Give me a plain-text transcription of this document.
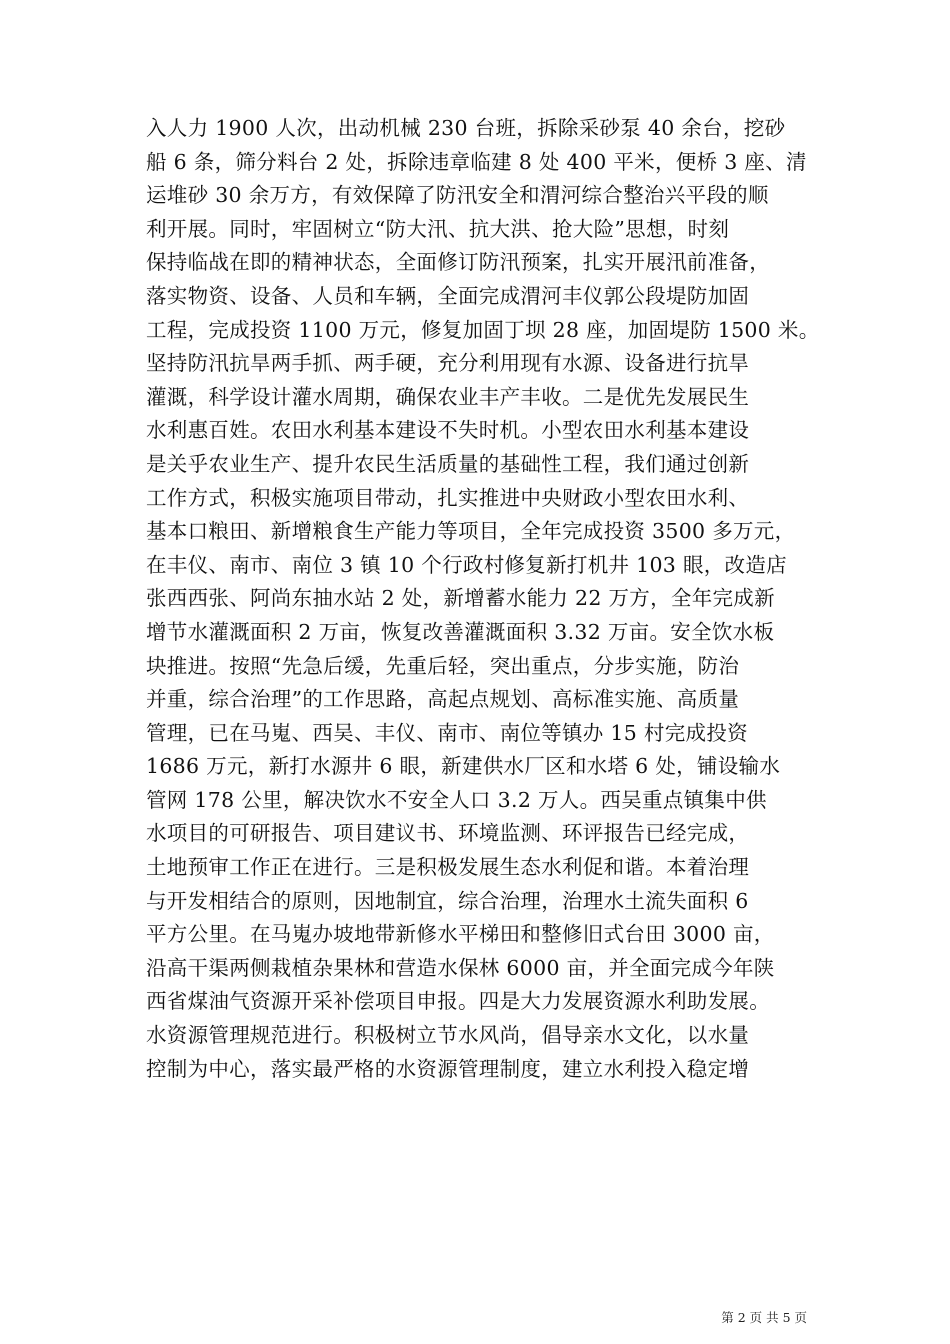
入人力 1900 人次，出动机械 230 台班，拆除采砂泵 40 余台，挖砂
船 6 条，筛分料台 2 处，拆除违章临建 8 处 400 平米，便桥 3 座、清
运堆砂 30 余万方，有效保障了防汛安全和渭河综合整治兴平段的顺
利开展。同时，牢固树立“防大汛、抗大洪、抢大险”思想，时刻
保持临战在即的精神状态，全面修订防汛预案，扎实开展汛前准备，
落实物资、设备、人员和车辆，全面完成渭河丰仪郭公段堤防加固
工程，完成投资 1100 万元，修复加固丁坝 28 座，加固堤防 1500 米。
坚持防汛抗旱两手抓、两手硬，充分利用现有水源、设备进行抗旱
灌溉，科学设计灌水周期，确保农业丰产丰收。二是优先发展民生
水利惠百姓。农田水利基本建设不失时机。小型农田水利基本建设
是关乎农业生产、提升农民生活质量的基础性工程，我们通过创新
工作方式，积极实施项目带动，扎实推进中央财政小型农田水利、
基本口粮田、新增粮食生产能力等项目，全年完成投资 3500 多万元，
在丰仪、南市、南位 3 镇 10 个行政村修复新打机井 103 眼，改造店
张西西张、阿尚东抽水站 2 处，新增蓄水能力 22 万方，全年完成新
增节水灌溉面积 2 万亩，恢复改善灌溉面积 3.32 万亩。安全饮水板
块推进。按照“先急后缓，先重后轻，突出重点，分步实施，防治
并重，综合治理”的工作思路，高起点规划、高标准实施、高质量
管理，已在马嵬、西吴、丰仪、南市、南位等镇办 15 村完成投资
1686 万元，新打水源井 6 眼，新建供水厂区和水塔 6 处，铺设输水
管网 178 公里，解决饮水不安全人口 3.2 万人。西吴重点镇集中供
水项目的可研报告、项目建议书、环境监测、环评报告已经完成，
土地预审工作正在进行。三是积极发展生态水利促和谐。本着治理
与开发相结合的原则，因地制宜，综合治理，治理水土流失面积 6
平方公里。在马嵬办坡地带新修水平梯田和整修旧式台田 3000 亩，
沿高干渠两侧栽植杂果林和营造水保林 6000 亩，并全面完成今年陕
西省煤油气资源开采补偿项目申报。四是大力发展资源水利助发展。
水资源管理规范进行。积极树立节水风尚，倡导亲水文化，以水量
控制为中心，落实最严格的水资源管理制度，建立水利投入稳定增
第 2 页 共 5 页
